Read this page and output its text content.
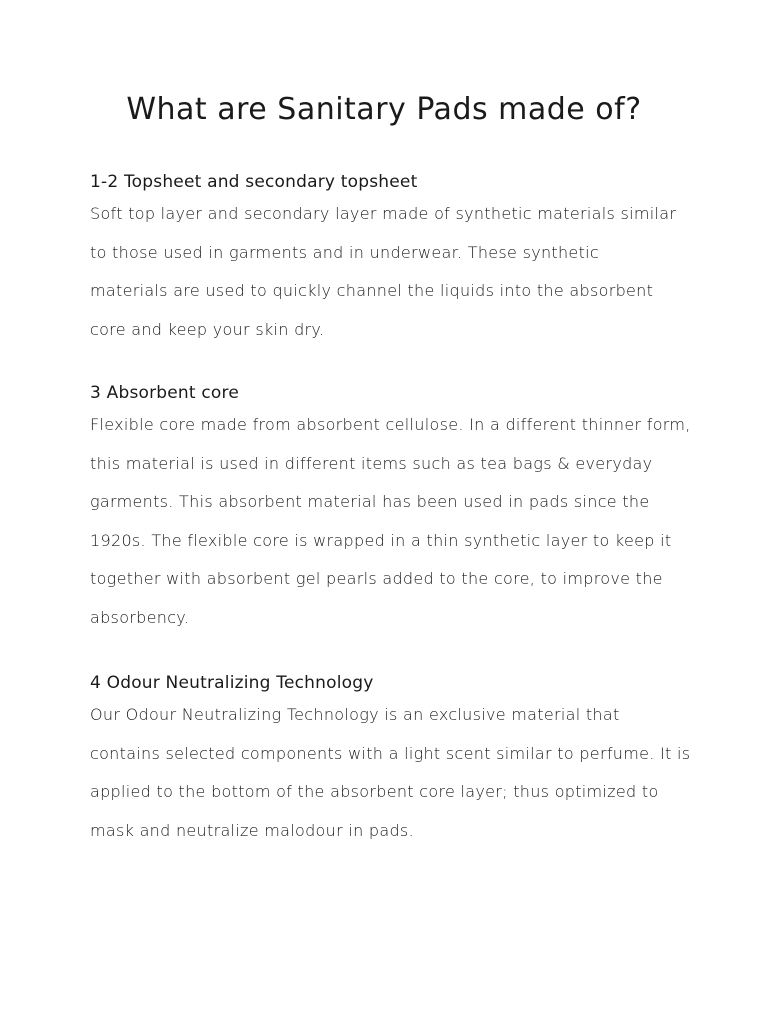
What are Sanitary Pads made of?
1-2 Topsheet and secondary topsheet

Soft top layer and secondary layer made of synthetic materials similar

to those used in garments and in underwear. These synthetic

materials are used to quickly channel the liquids into the absorbent

core and keep your skin dry.

3 Absorbent core

Flexible core made from absorbent cellulose. In a different thinner form,

this material is used in different items such as tea bags & everyday

garments. This absorbent material has been used in pads since the

1920s. The flexible core is wrapped in a thin synthetic layer to keep it

together with absorbent gel pearls added to the core, to improve the

absorbency.

4 Odour Neutralizing Technology

Our Odour Neutralizing Technology is an exclusive material that

contains selected components with a light scent similar to perfume. It is

applied to the bottom of the absorbent core layer; thus optimized to

mask and neutralize malodour in pads.
